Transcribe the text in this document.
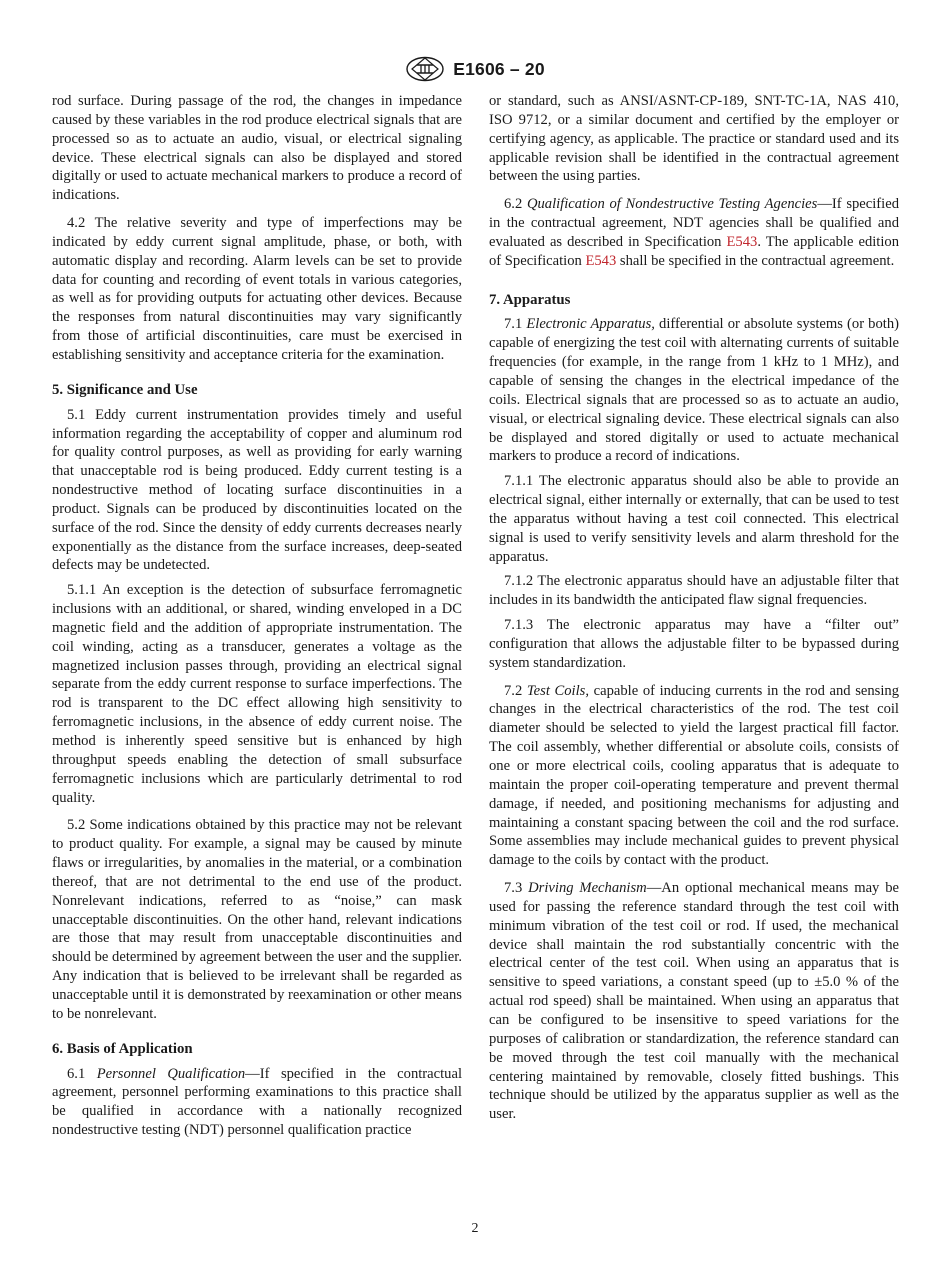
E1606 – 20

rod surface. During passage of the rod, the changes in impedance caused by these variables in the rod produce electrical signals that are processed so as to actuate an audio, visual, or electrical signaling device. These electrical signals can also be displayed and stored digitally or used to actuate mechanical markers to produce a record of indications.

4.2 The relative severity and type of imperfections may be indicated by eddy current signal amplitude, phase, or both, with automatic display and recording. Alarm levels can be set to provide data for counting and recording of event totals in various categories, as well as for providing outputs for actuating other devices. Because the responses from natural discontinuities may vary significantly from those of artificial discontinuities, care must be exercised in establishing sensitivity and acceptance criteria for the examination.

5. Significance and Use

5.1 Eddy current instrumentation provides timely and useful information regarding the acceptability of copper and aluminum rod for quality control purposes, as well as providing for early warning that unacceptable rod is being produced. Eddy current testing is a nondestructive method of locating surface discontinuities in a product. Signals can be produced by discontinuities located on the surface of the rod. Since the density of eddy currents decreases nearly exponentially as the distance from the surface increases, deep-seated defects may be undetected.

5.1.1 An exception is the detection of subsurface ferromagnetic inclusions with an additional, or shared, winding enveloped in a DC magnetic field and the addition of appropriate instrumentation. The coil winding, acting as a transducer, generates a voltage as the magnetized inclusion passes through, providing an electrical signal separate from the eddy current response to surface imperfections. The rod is transparent to the DC effect allowing high sensitivity to ferromagnetic inclusions, in the absence of eddy current noise. The method is inherently speed sensitive but is enhanced by high throughput speeds enabling the detection of small subsurface ferromagnetic inclusions which are particularly detrimental to rod quality.

5.2 Some indications obtained by this practice may not be relevant to product quality. For example, a signal may be caused by minute flaws or irregularities, by anomalies in the material, or a combination thereof, that are not detrimental to the end use of the product. Nonrelevant indications, referred to as “noise,” can mask unacceptable discontinuities. On the other hand, relevant indications are those that may result from unacceptable discontinuities and should be determined by agreement between the user and the supplier. Any indication that is believed to be irrelevant shall be regarded as unacceptable until it is demonstrated by reexamination or other means to be nonrelevant.

6. Basis of Application

6.1 Personnel Qualification—If specified in the contractual agreement, personnel performing examinations to this practice shall be qualified in accordance with a nationally recognized nondestructive testing (NDT) personnel qualification practice

or standard, such as ANSI/ASNT-CP-189, SNT-TC-1A, NAS 410, ISO 9712, or a similar document and certified by the employer or certifying agency, as applicable. The practice or standard used and its applicable revision shall be identified in the contractual agreement between the using parties.

6.2 Qualification of Nondestructive Testing Agencies—If specified in the contractual agreement, NDT agencies shall be qualified and evaluated as described in Specification E543. The applicable edition of Specification E543 shall be specified in the contractual agreement.

7. Apparatus

7.1 Electronic Apparatus, differential or absolute systems (or both) capable of energizing the test coil with alternating currents of suitable frequencies (for example, in the range from 1 kHz to 1 MHz), and capable of sensing the changes in the electrical impedance of the coils. Electrical signals that are processed so as to actuate an audio, visual, or electrical signaling device. These electrical signals can also be displayed and stored digitally or used to actuate mechanical markers to produce a record of indications.

7.1.1 The electronic apparatus should also be able to provide an electrical signal, either internally or externally, that can be used to test the apparatus without having a test coil connected. This electrical signal is used to verify sensitivity levels and alarm threshold for the apparatus.

7.1.2 The electronic apparatus should have an adjustable filter that includes in its bandwidth the anticipated flaw signal frequencies.

7.1.3 The electronic apparatus may have a “filter out” configuration that allows the adjustable filter to be bypassed during system standardization.

7.2 Test Coils, capable of inducing currents in the rod and sensing changes in the electrical characteristics of the rod. The test coil diameter should be selected to yield the largest practical fill factor. The coil assembly, whether differential or absolute coils, consists of one or more electrical coils, cooling apparatus that is adequate to maintain the proper coil-operating temperature and prevent thermal damage, if needed, and positioning mechanisms for adjusting and maintaining a constant spacing between the coil and the rod surface. Some assemblies may include mechanical guides to prevent physical damage to the coils by contact with the product.

7.3 Driving Mechanism—An optional mechanical means may be used for passing the reference standard through the test coil with minimum vibration of the test coil or rod. If used, the mechanical device shall maintain the rod substantially concentric with the electrical center of the test coil. When using an apparatus that is sensitive to speed variations, a constant speed (up to ±5.0 % of the actual rod speed) shall be maintained. When using an apparatus that can be configured to be insensitive to speed variations for the purposes of calibration or standardization, the reference standard can be moved through the test coil manually with the mechanical centering maintained by removable, closely fitted bushings. This technique should be utilized by the apparatus supplier as well as the user.

2
